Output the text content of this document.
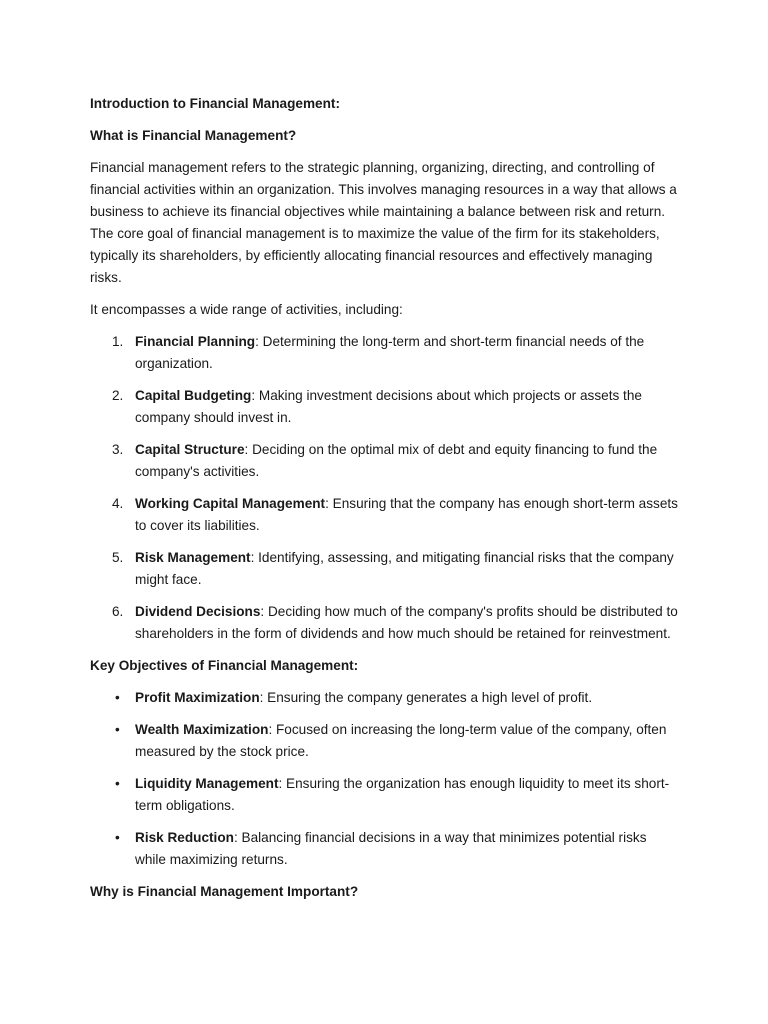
Introduction to Financial Management:

What is Financial Management?

Financial management refers to the strategic planning, organizing, directing, and controlling of financial activities within an organization. This involves managing resources in a way that allows a business to achieve its financial objectives while maintaining a balance between risk and return. The core goal of financial management is to maximize the value of the firm for its stakeholders, typically its shareholders, by efficiently allocating financial resources and effectively managing risks.

It encompasses a wide range of activities, including:

1. Financial Planning: Determining the long-term and short-term financial needs of the organization.
2. Capital Budgeting: Making investment decisions about which projects or assets the company should invest in.
3. Capital Structure: Deciding on the optimal mix of debt and equity financing to fund the company's activities.
4. Working Capital Management: Ensuring that the company has enough short-term assets to cover its liabilities.
5. Risk Management: Identifying, assessing, and mitigating financial risks that the company might face.
6. Dividend Decisions: Deciding how much of the company's profits should be distributed to shareholders in the form of dividends and how much should be retained for reinvestment.

Key Objectives of Financial Management:

• Profit Maximization: Ensuring the company generates a high level of profit.
• Wealth Maximization: Focused on increasing the long-term value of the company, often measured by the stock price.
• Liquidity Management: Ensuring the organization has enough liquidity to meet its short-term obligations.
• Risk Reduction: Balancing financial decisions in a way that minimizes potential risks while maximizing returns.

Why is Financial Management Important?
